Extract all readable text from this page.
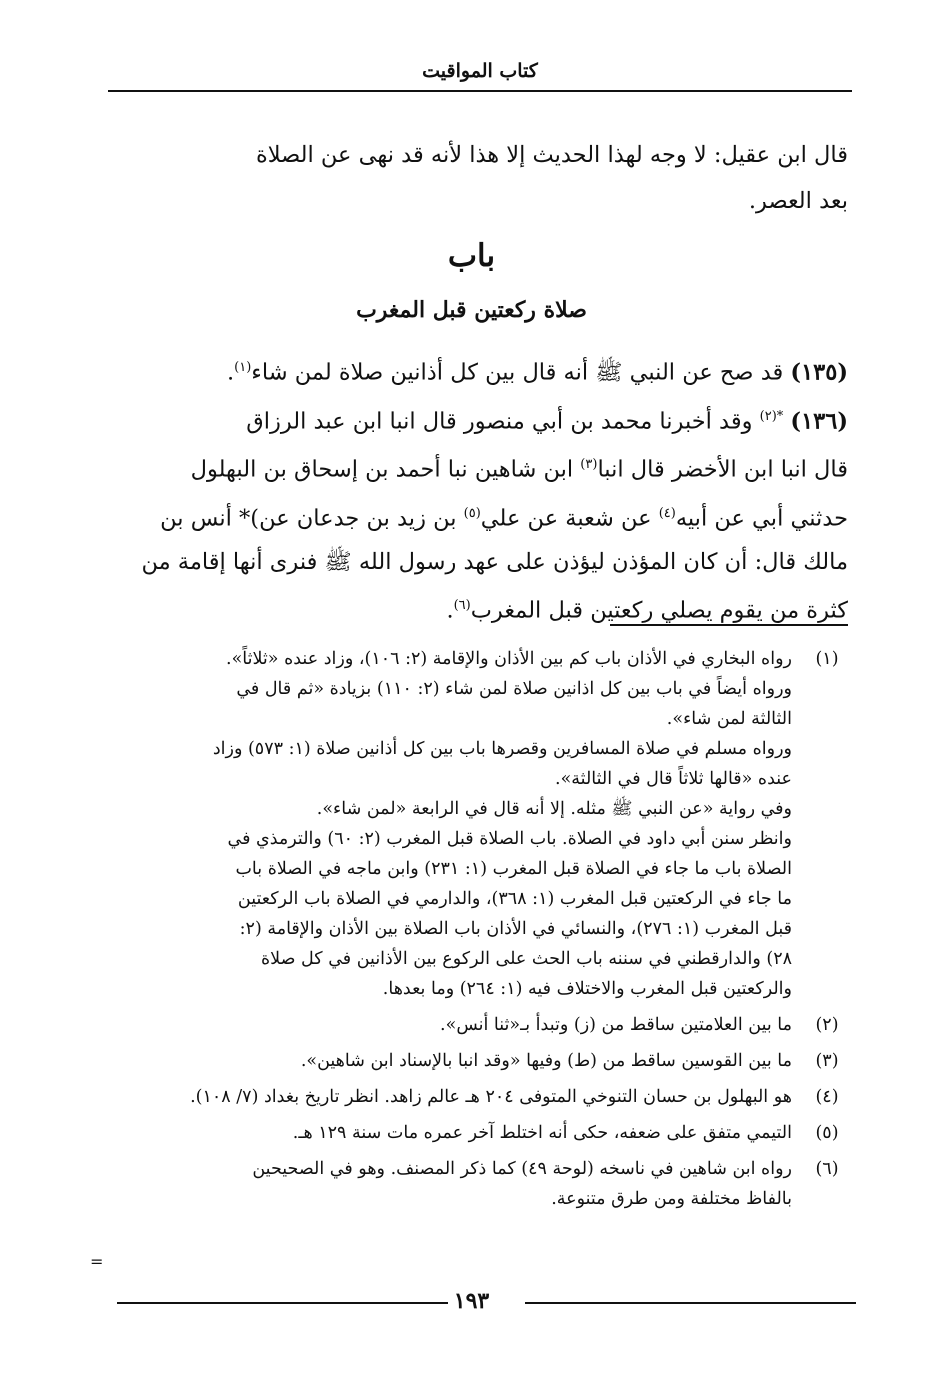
كتاب المواقيت
قال ابن عقيل: لا وجه لهذا الحديث إلا هذا لأنه قد نهى عن الصلاة
بعد العصر.
باب
صلاة ركعتين قبل المغرب
(١٣٥) قد صح عن النبي ﷺ أنه قال بين كل أذانين صلاة لمن شاء$^{(١)}$.
(١٣٦) $^{*(٢)}$ وقد أخبرنا محمد بن أبي منصور قال انبا ابن عبد الرزاق
قال انبا ابن الأخضر قال انبا$^{(٣)}$ ابن شاهين نبا أحمد بن إسحاق بن البهلول
حدثني أبي عن أبيه$^{(٤)}$ عن شعبة عن علي$^{(٥)}$ بن زيد بن جدعان عن)* أنس بن
مالك قال: أن كان المؤذن ليؤذن على عهد رسول الله ﷺ فنرى أنها إقامة من
كثرة من يقوم يصلي ركعتين قبل المغرب$^{(٦)}$.
(١)
رواه البخاري في الأذان باب كم بين الأذان والإقامة (٢: ١٠٦)، وزاد عنده «ثلاثاً».
ورواه أيضاً في باب بين كل اذانين صلاة لمن شاء (٢: ١١٠) بزيادة «ثم قال في
الثالثة لمن شاء».
ورواه مسلم في صلاة المسافرين وقصرها باب بين كل أذانين صلاة (١: ٥٧٣) وزاد
عنده «قالها ثلاثاً قال في الثالثة».
وفي رواية «عن النبي ﷺ مثله. إلا أنه قال في الرابعة «لمن شاء».
وانظر سنن أبي داود في الصلاة. باب الصلاة قبل المغرب (٢: ٦٠) والترمذي في
الصلاة باب ما جاء في الصلاة قبل المغرب (١: ٢٣١) وابن ماجه في الصلاة باب
ما جاء في الركعتين قبل المغرب (١: ٣٦٨)، والدارمي في الصلاة باب الركعتين
قبل المغرب (١: ٢٧٦)، والنسائي في الأذان باب الصلاة بين الأذان والإقامة (٢:
٢٨) والدارقطني في سننه باب الحث على الركوع بين الأذانين في كل صلاة
والركعتين قبل المغرب والاختلاف فيه (١: ٢٦٤) وما بعدها.
(٢)
ما بين العلامتين ساقط من (ز) وتبدأ بـ«ثنا أنس».
(٣)
ما بين القوسين ساقط من (ط) وفيها «وقد انبا بالإسناد ابن شاهين».
(٤)
هو البهلول بن حسان التنوخي المتوفى ٢٠٤ هـ عالم زاهد. انظر تاريخ بغداد (٧/ ١٠٨).
(٥)
التيمي متفق على ضعفه، حكى أنه اختلط آخر عمره مات سنة ١٢٩ هـ.
(٦)
رواه ابن شاهين في ناسخه (لوحة ٤٩) كما ذكر المصنف. وهو في الصحيحين
بالفاظ مختلفة ومن طرق متنوعة.
=
١٩٣
